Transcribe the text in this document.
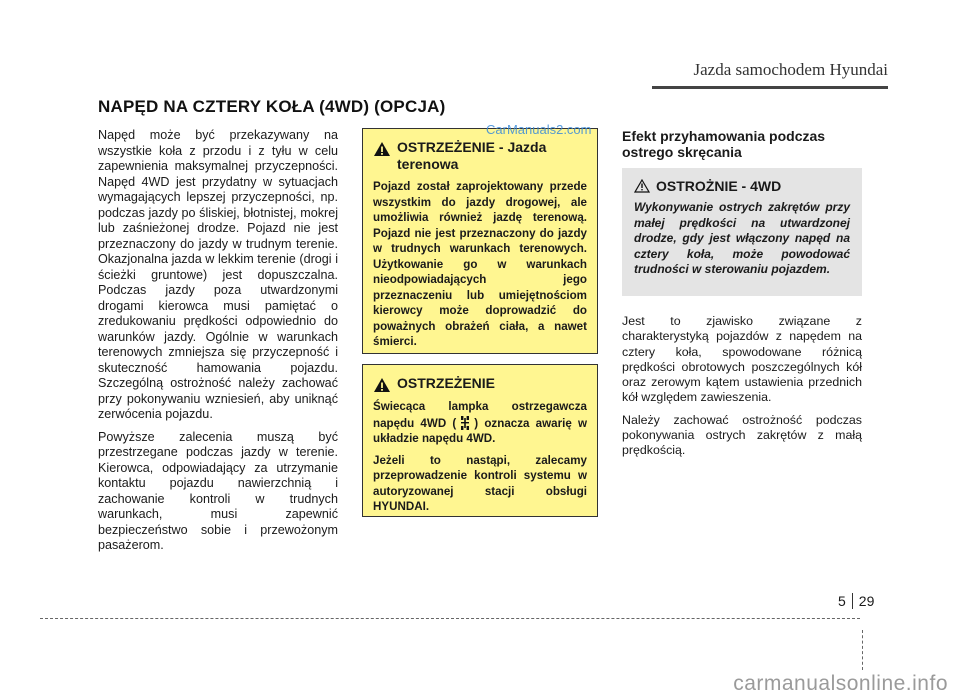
Jazda samochodem Hyundai
NAPĘD NA CZTERY KOŁA (4WD) (OPCJA)

Napęd może być przekazywany na wszystkie koła z przodu i z tyłu w celu zapewnienia maksymalnej przyczepności. Napęd 4WD jest przydatny w sytuacjach wymagających lepszej przyczepności, np. podczas jazdy po śliskiej, błotnistej, mokrej lub zaśnieżonej drodze. Pojazd nie jest przeznaczony do jazdy w trudnym terenie. Okazjonalna jazda w lekkim terenie (drogi i ścieżki gruntowe) jest dopuszczalna. Podczas jazdy poza utwardzonymi drogami kierowca musi pamiętać o zredukowaniu prędkości odpowiednio do warunków jazdy. Ogólnie w warunkach terenowych zmniejsza się przyczepność i skuteczność hamowania pojazdu. Szczególną ostrożność należy zachować przy pokonywaniu wzniesień, aby uniknąć zerwócenia pojazdu.

Powyższe zalecenia muszą być przestrzegane podczas jazdy w terenie. Kierowca, odpowiadający za utrzymanie kontaktu pojazdu nawierzchnią i zachowanie kontroli w trudnych warunkach, musi zapewnić bezpieczeństwo sobie i przewożonym pasażerom.

OSTRZEŻENIE - Jazda terenowa

Pojazd został zaprojektowany przede wszystkim do jazdy drogowej, ale umożliwia również jazdę terenową. Pojazd nie jest przeznaczony do jazdy w trudnych warunkach terenowych. Użytkowanie go w warunkach nieodpowiadających jego przeznaczeniu lub umiejętnościom kierowcy może doprowadzić do poważnych obrażeń ciała, a nawet śmierci.

OSTRZEŻENIE

Świecąca lampka ostrzegawcza napędu 4WD ( ) oznacza awarię w układzie napędu 4WD.

Jeżeli to nastąpi, zalecamy przeprowadzenie kontroli systemu w autoryzowanej stacji obsługi HYUNDAI.

CarManuals2.com Efekt przyhamowania podczas ostrego skręcania
OSTROŻNIE - 4WD
Wykonywanie ostrych zakrętów przy małej prędkości na utwardzonej drodze, gdy jest włączony napęd na cztery koła, może powodować trudności w sterowaniu pojazdem.

Jest to zjawisko związane z charakterystyką pojazdów z napędem na cztery koła, spowodowane różnicą prędkości obrotowych poszczególnych kół oraz zerowym kątem ustawienia przednich kół względem zawieszenia.

Należy zachować ostrożność podczas pokonywania ostrych zakrętów z małą prędkością.

5 29
carmanualsonline.info
